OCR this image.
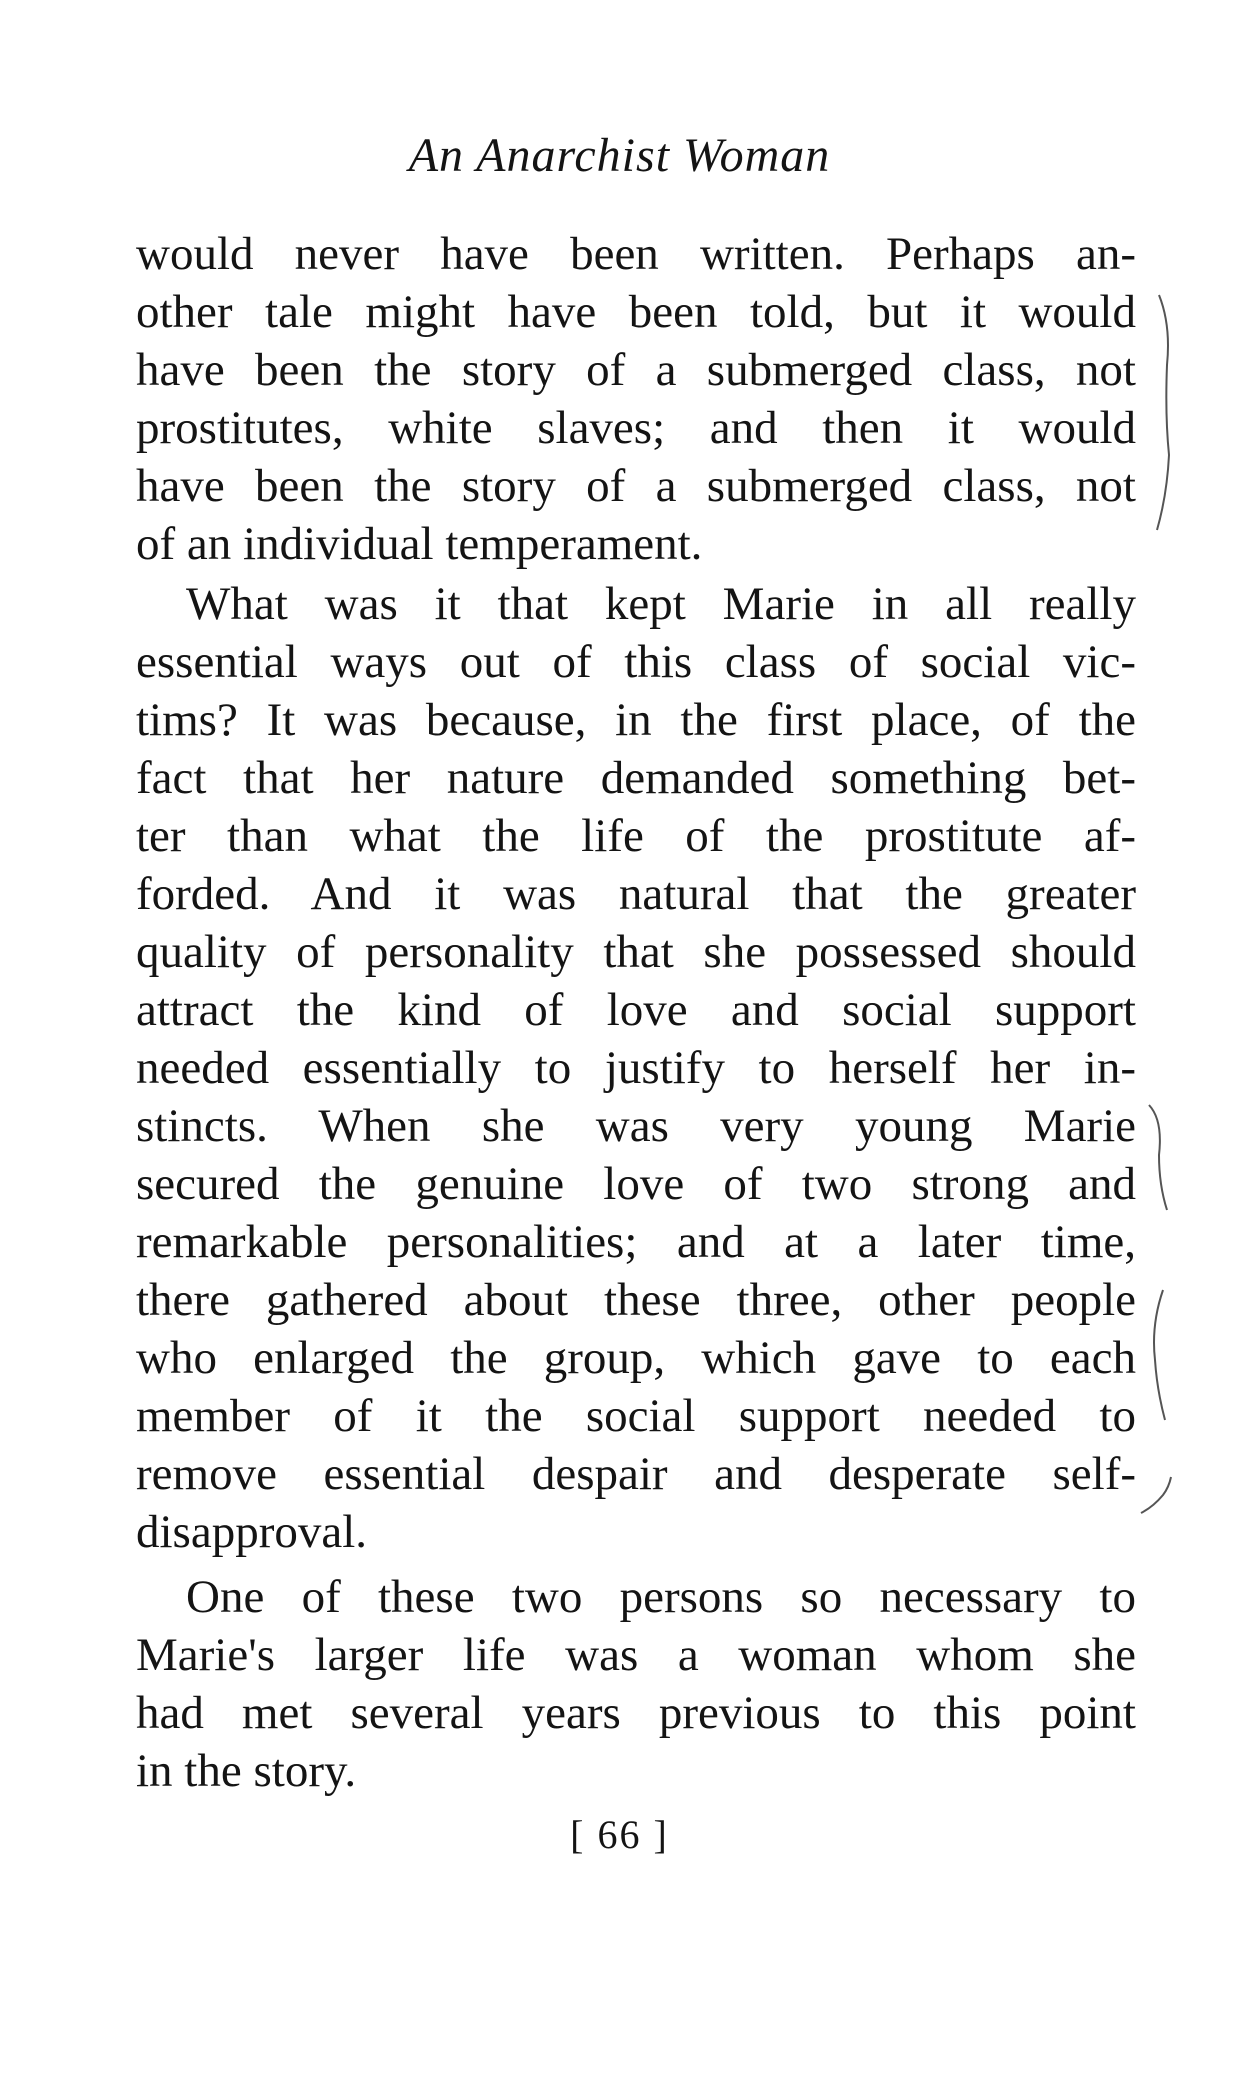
An Anarchist Woman
would never have been written. Perhaps an-
other tale might have been told, but it would
have been the story of a submerged class, not
prostitutes, white slaves; and then it would
have been the story of a submerged class, not
of an individual temperament.
What was it that kept Marie in all really
essential ways out of this class of social vic-
tims? It was because, in the first place, of the
fact that her nature demanded something bet-
ter than what the life of the prostitute af-
forded. And it was natural that the greater
quality of personality that she possessed should
attract the kind of love and social support
needed essentially to justify to herself her in-
stincts. When she was very young Marie
secured the genuine love of two strong and
remarkable personalities; and at a later time,
there gathered about these three, other people
who enlarged the group, which gave to each
member of it the social support needed to
remove essential despair and desperate self-
disapproval.
One of these two persons so necessary to
Marie's larger life was a woman whom she
had met several years previous to this point
in the story.
[ 66 ]
